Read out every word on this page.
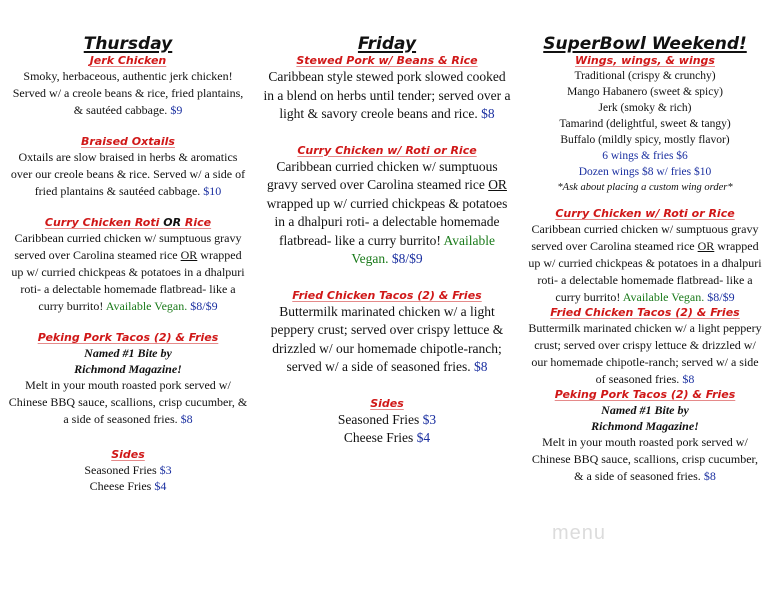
Thursday

Jerk Chicken

Smoky, herbaceous, authentic jerk chicken! Served w/ a creole beans & rice, fried plantains, & sautéed cabbage. $9

Braised Oxtails

Oxtails are slow braised in herbs & aromatics over our creole beans & rice. Served w/ a side of fried plantains & sautéed cabbage. $10

Curry Chicken Roti OR Rice

Caribbean curried chicken w/ sumptuous gravy served over Carolina steamed rice OR wrapped up w/ curried chickpeas & potatoes in a dhalpuri roti- a delectable homemade flatbread- like a curry burrito! Available Vegan. $8/$9

Peking Pork Tacos (2) & Fries

Named #1 Bite by

Richmond Magazine!

Melt in your mouth roasted pork served w/ Chinese BBQ sauce, scallions, crisp cucumber, & a side of seasoned fries. $8

Sides

Seasoned Fries $3

Cheese Fries $4

Friday

Stewed Pork w/ Beans & Rice

Caribbean style stewed pork slowed cooked in a blend on herbs until tender; served over a light & savory creole beans and rice. $8

Curry Chicken w/ Roti or Rice

Caribbean curried chicken w/ sumptuous gravy served over Carolina steamed rice OR wrapped up w/ curried chickpeas & potatoes in a dhalpuri roti- a delectable homemade flatbread- like a curry burrito! Available Vegan. $8/$9

Fried Chicken Tacos (2) & Fries

Buttermilk marinated chicken w/ a light peppery crust; served over crispy lettuce & drizzled w/ our homemade chipotle-ranch; served w/ a side of seasoned fries. $8

Sides

Seasoned Fries $3

Cheese Fries $4

SuperBowl Weekend!

Wings, wings, & wings

Traditional (crispy & crunchy)

Mango Habanero (sweet & spicy)

Jerk (smoky & rich)

Tamarind (delightful, sweet & tangy)

Buffalo (mildly spicy, mostly flavor)

6 wings & fries $6

Dozen wings $8 w/ fries $10

*Ask about placing a custom wing order*

Curry Chicken w/ Roti or Rice

Caribbean curried chicken w/ sumptuous gravy served over Carolina steamed rice OR wrapped up w/ curried chickpeas & potatoes in a dhalpuri roti- a delectable homemade flatbread- like a curry burrito! Available Vegan. $8/$9

Fried Chicken Tacos (2) & Fries

Buttermilk marinated chicken w/ a light peppery crust; served over crispy lettuce & drizzled w/ our homemade chipotle-ranch; served w/ a side of seasoned fries. $8

Peking Pork Tacos (2) & Fries

Named #1 Bite by

Richmond Magazine!

Melt in your mouth roasted pork served w/ Chinese BBQ sauce, scallions, crisp cucumber, & a side of seasoned fries. $8

menu
